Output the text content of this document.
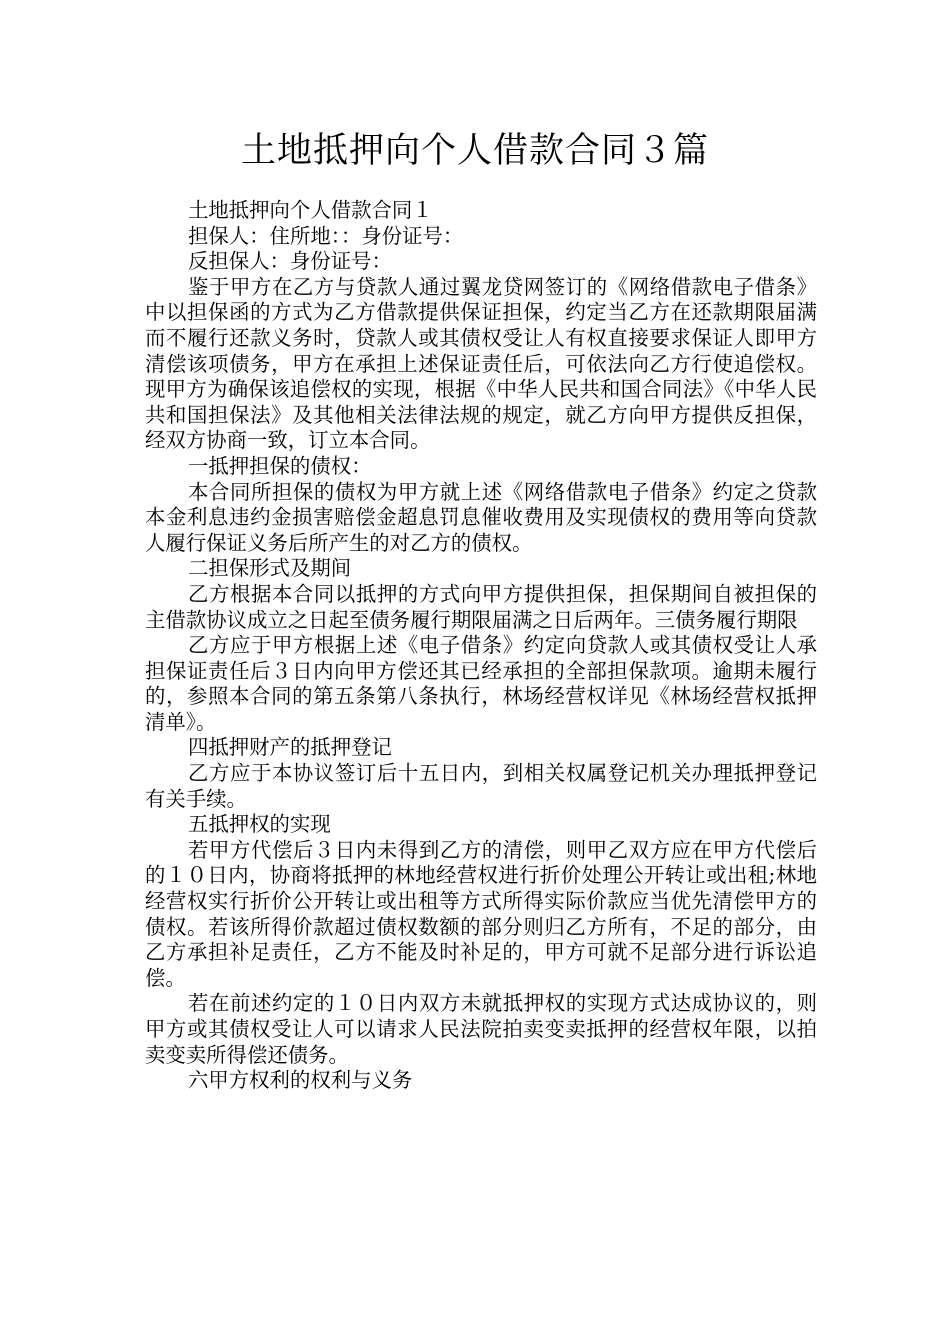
土地抵押向个人借款合同３篇

土地抵押向个人借款合同１

担保人：住所地：：身份证号：

反担保人：身份证号：

鉴于甲方在乙方与贷款人通过翼龙贷网签订的《网络借款电子借条》中以担保函的方式为乙方借款提供保证担保，约定当乙方在还款期限届满而不履行还款义务时，贷款人或其债权受让人有权直接要求保证人即甲方清偿该项债务，甲方在承担上述保证责任后，可依法向乙方行使追偿权。现甲方为确保该追偿权的实现，根据《中华人民共和国合同法》《中华人民共和国担保法》及其他相关法律法规的规定，就乙方向甲方提供反担保，经双方协商一致，订立本合同。

一抵押担保的债权：

本合同所担保的债权为甲方就上述《网络借款电子借条》约定之贷款本金利息违约金损害赔偿金超息罚息催收费用及实现债权的费用等向贷款人履行保证义务后所产生的对乙方的债权。

二担保形式及期间

乙方根据本合同以抵押的方式向甲方提供担保，担保期间自被担保的主借款协议成立之日起至债务履行期限届满之日后两年。三债务履行期限

乙方应于甲方根据上述《电子借条》约定向贷款人或其债权受让人承担保证责任后３日内向甲方偿还其已经承担的全部担保款项。逾期未履行的，参照本合同的第五条第八条执行，林场经营权详见《林场经营权抵押清单》。

四抵押财产的抵押登记

乙方应于本协议签订后十五日内，到相关权属登记机关办理抵押登记有关手续。

五抵押权的实现

若甲方代偿后３日内未得到乙方的清偿，则甲乙双方应在甲方代偿后的１０日内，协商将抵押的林地经营权进行折价处理公开转让或出租;林地经营权实行折价公开转让或出租等方式所得实际价款应当优先清偿甲方的债权。若该所得价款超过债权数额的部分则归乙方所有，不足的部分，由乙方承担补足责任，乙方不能及时补足的，甲方可就不足部分进行诉讼追偿。

若在前述约定的１０日内双方未就抵押权的实现方式达成协议的，则甲方或其债权受让人可以请求人民法院拍卖变卖抵押的经营权年限，以拍卖变卖所得偿还债务。

六甲方权利的权利与义务
